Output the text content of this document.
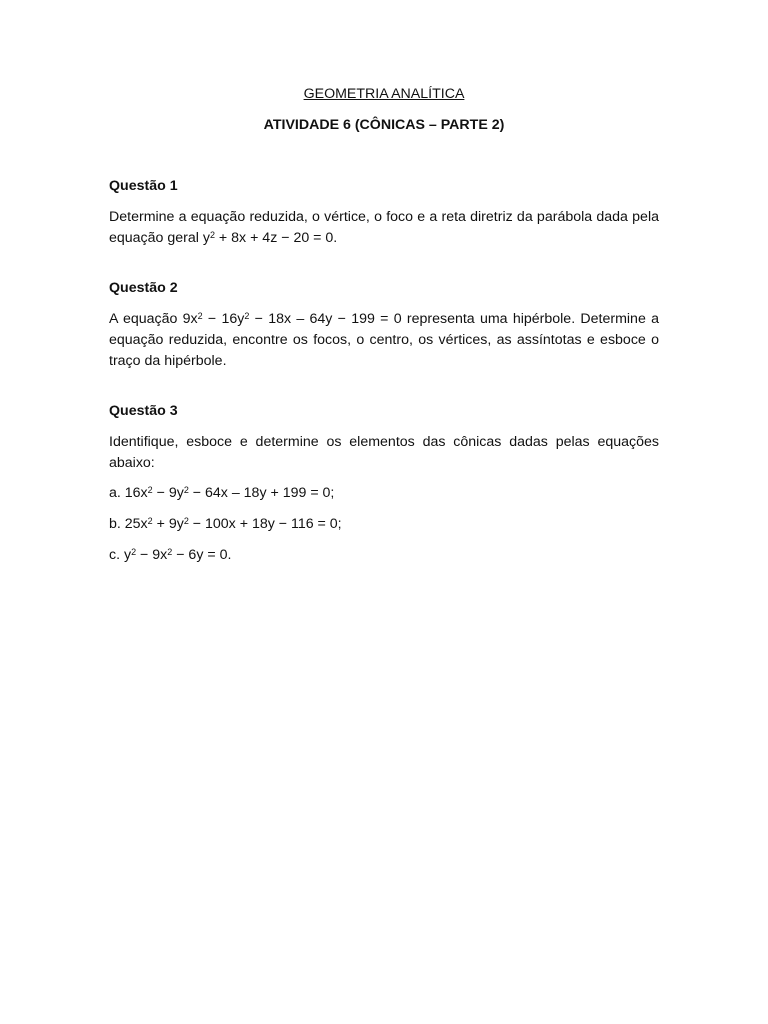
GEOMETRIA ANALÍTICA
ATIVIDADE 6 (CÔNICAS – PARTE 2)
Questão 1
Determine a equação reduzida, o vértice, o foco e a reta diretriz da parábola dada pela equação geral $y^2 + 8x + 4z - 20 = 0$.
Questão 2
A equação $9x^2 - 16y^2 - 18x - 64y - 199 = 0$ representa uma hipérbole. Determine a equação reduzida, encontre os focos, o centro, os vértices, as assíntotas e esboce o traço da hipérbole.
Questão 3
Identifique, esboce e determine os elementos das cônicas dadas pelas equações abaixo:
a. $16x^2 - 9y^2 - 64x - 18y + 199 = 0$;
b. $25x^2 + 9y^2 - 100x + 18y - 116 = 0$;
c. $y^2 - 9x^2 - 6y = 0$.
